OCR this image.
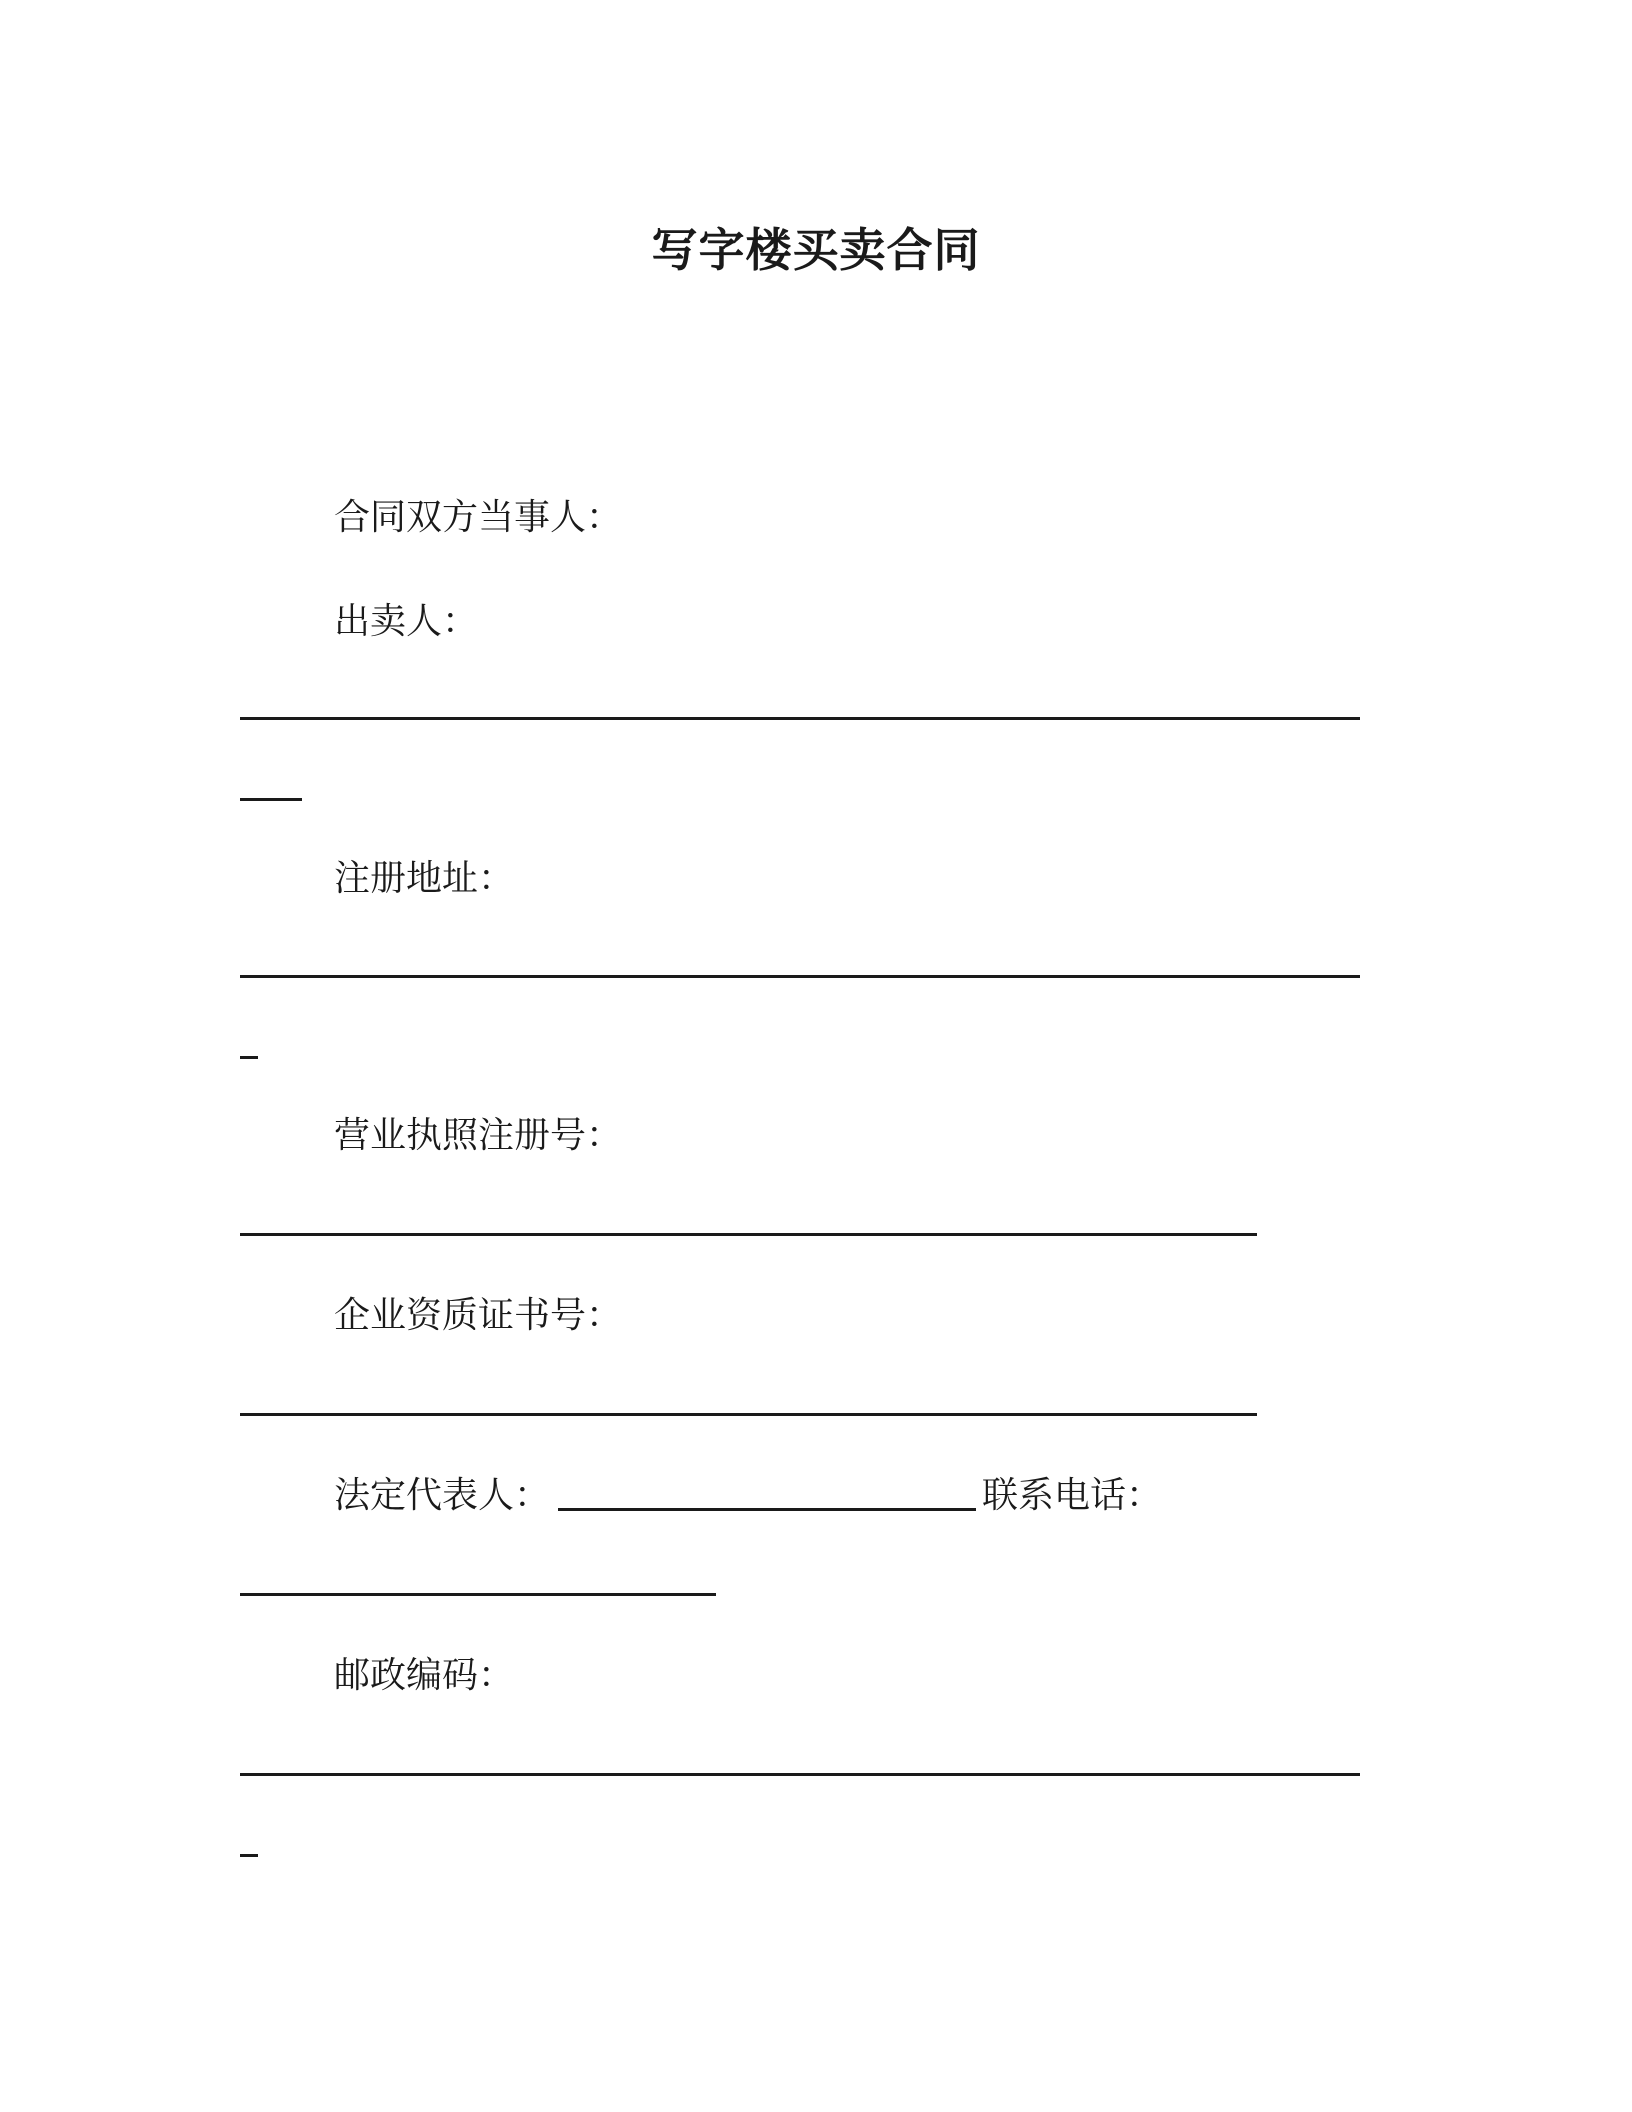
写字楼买卖合同
合同双方当事人：
出卖人：
注册地址：
营业执照注册号：
企业资质证书号：
法定代表人：	联系电话：
邮政编码：
